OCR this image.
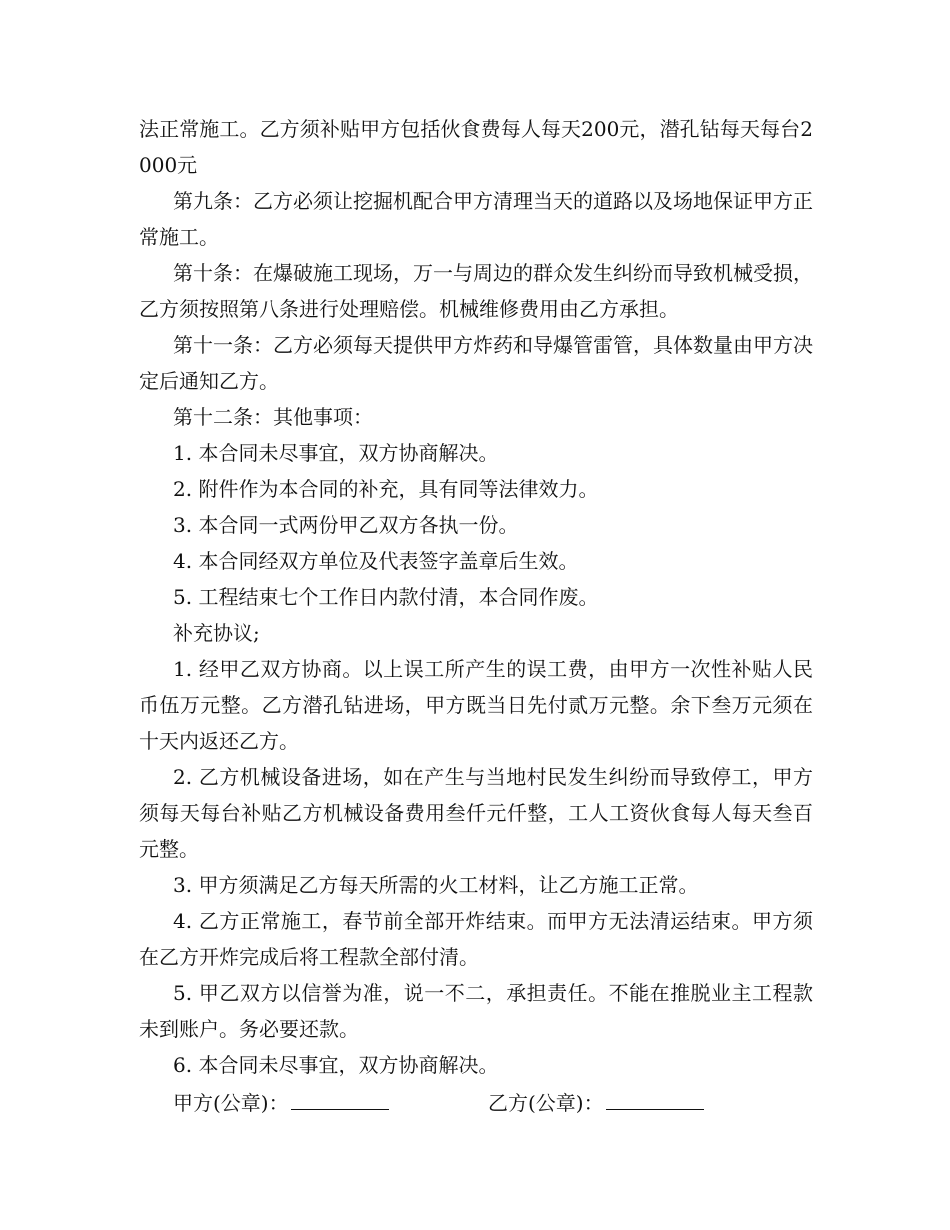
法正常施工。乙方须补贴甲方包括伙食费每人每天200元，潜孔钻每天每台2000元

第九条：乙方必须让挖掘机配合甲方清理当天的道路以及场地保证甲方正常施工。

第十条：在爆破施工现场，万一与周边的群众发生纠纷而导致机械受损，乙方须按照第八条进行处理赔偿。机械维修费用由乙方承担。

第十一条：乙方必须每天提供甲方炸药和导爆管雷管，具体数量由甲方决定后通知乙方。

第十二条：其他事项：

1. 本合同未尽事宜，双方协商解决。

2. 附件作为本合同的补充，具有同等法律效力。

3. 本合同一式两份甲乙双方各执一份。

4. 本合同经双方单位及代表签字盖章后生效。

5. 工程结束七个工作日内款付清，本合同作废。

补充协议;

1. 经甲乙双方协商。以上误工所产生的误工费，由甲方一次性补贴人民币伍万元整。乙方潜孔钻进场，甲方既当日先付贰万元整。余下叁万元须在十天内返还乙方。

2. 乙方机械设备进场，如在产生与当地村民发生纠纷而导致停工，甲方须每天每台补贴乙方机械设备费用叁仟元仟整，工人工资伙食每人每天叁百元整。

3. 甲方须满足乙方每天所需的火工材料，让乙方施工正常。

4. 乙方正常施工，春节前全部开炸结束。而甲方无法清运结束。甲方须在乙方开炸完成后将工程款全部付清。

5. 甲乙双方以信誉为准，说一不二，承担责任。不能在推脱业主工程款未到账户。务必要还款。

6. 本合同未尽事宜，双方协商解决。

甲方(公章)：	乙方(公章)：
